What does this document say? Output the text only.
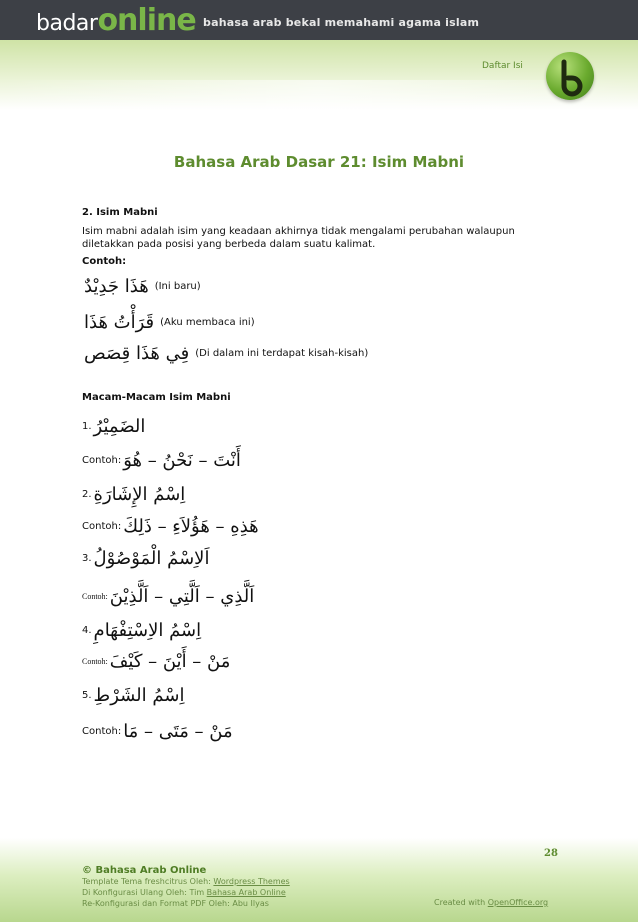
badaronline bahasa arab bekal memahami agama islam
Daftar Isi
Bahasa Arab Dasar 21: Isim Mabni
2. Isim Mabni
Isim mabni adalah isim yang keadaan akhirnya tidak mengalami perubahan walaupun
diletakkan pada posisi yang berbeda dalam suatu kalimat.
Contoh:
هَذَا جَدِيْدٌ (Ini baru)
قَرَأْتُ هَذَا (Aku membaca ini)
فِي هَذَا قِصَص (Di dalam ini terdapat kisah-kisah)
Macam-Macam Isim Mabni
1. الضَمِيْرُ
Contoh: أَنْتَ – نَحْنُ – هُوَ
2. اِسْمُ الإِشَارَةِ
Contoh: هَذِهِ – هَؤُلاَءِ – ذَلِكَ
3. اَلاِسْمُ الْمَوْصُوْلُ
Contoh: اَلَّذِي – اَلَّتِي – اَلَّذِيْنَ
4. اِسْمُ الاِسْتِفْهَامِ
Contoh: مَنْ – أَيْنَ – كَيْفَ
5. اِسْمُ الشَرْطِ
Contoh: مَنْ – مَتَى – مَا
28
© Bahasa Arab Online
Template Tema freshcitrus Oleh: Wordpress Themes
Di Konfigurasi Ulang Oleh: Tim Bahasa Arab Online
Re-Konfigurasi dan Format PDF Oleh: Abu Ilyas	Created with OpenOffice.org
